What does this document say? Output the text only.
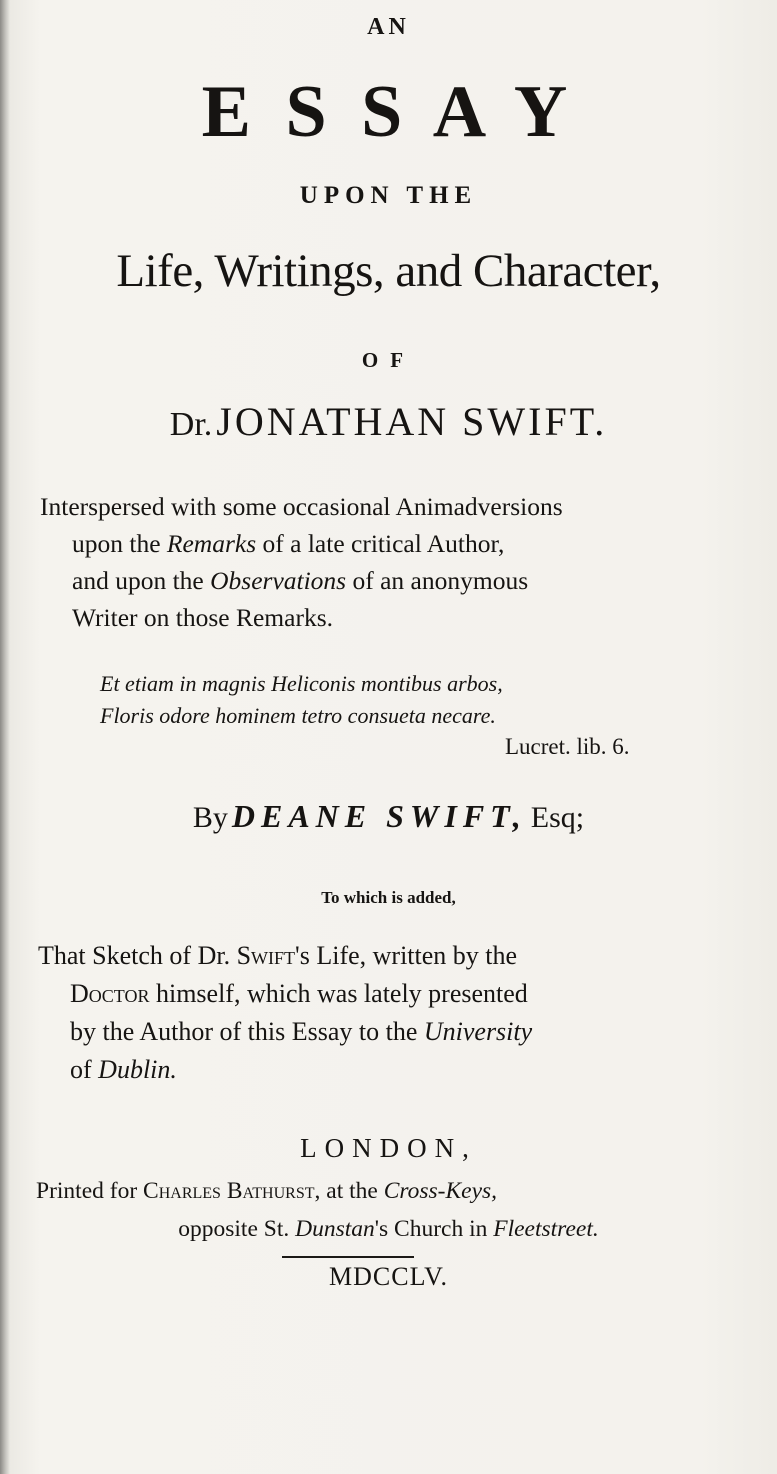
AN
E S S A Y
UPON THE
Life, Writings, and Character,
OF
Dr. JONATHAN SWIFT.
Interspersed with some occasional Animadversions
upon the Remarks of a late critical Author,
and upon the Observations of an anonymous
Writer on those Remarks.
Et etiam in magnis Heliconis montibus arbos,
Floris odore hominem tetro consueta necare.
Lucret. lib. 6.
By DEANE SWIFT, Esq;
To which is added,
That Sketch of Dr. Swift's Life, written by the
Doctor himself, which was lately presented
by the Author of this Essay to the University
of Dublin.
LONDON,
Printed for Charles Bathurst, at the Cross-Keys,
opposite St. Dunstan's Church in Fleetstreet.
MDCCLV.
